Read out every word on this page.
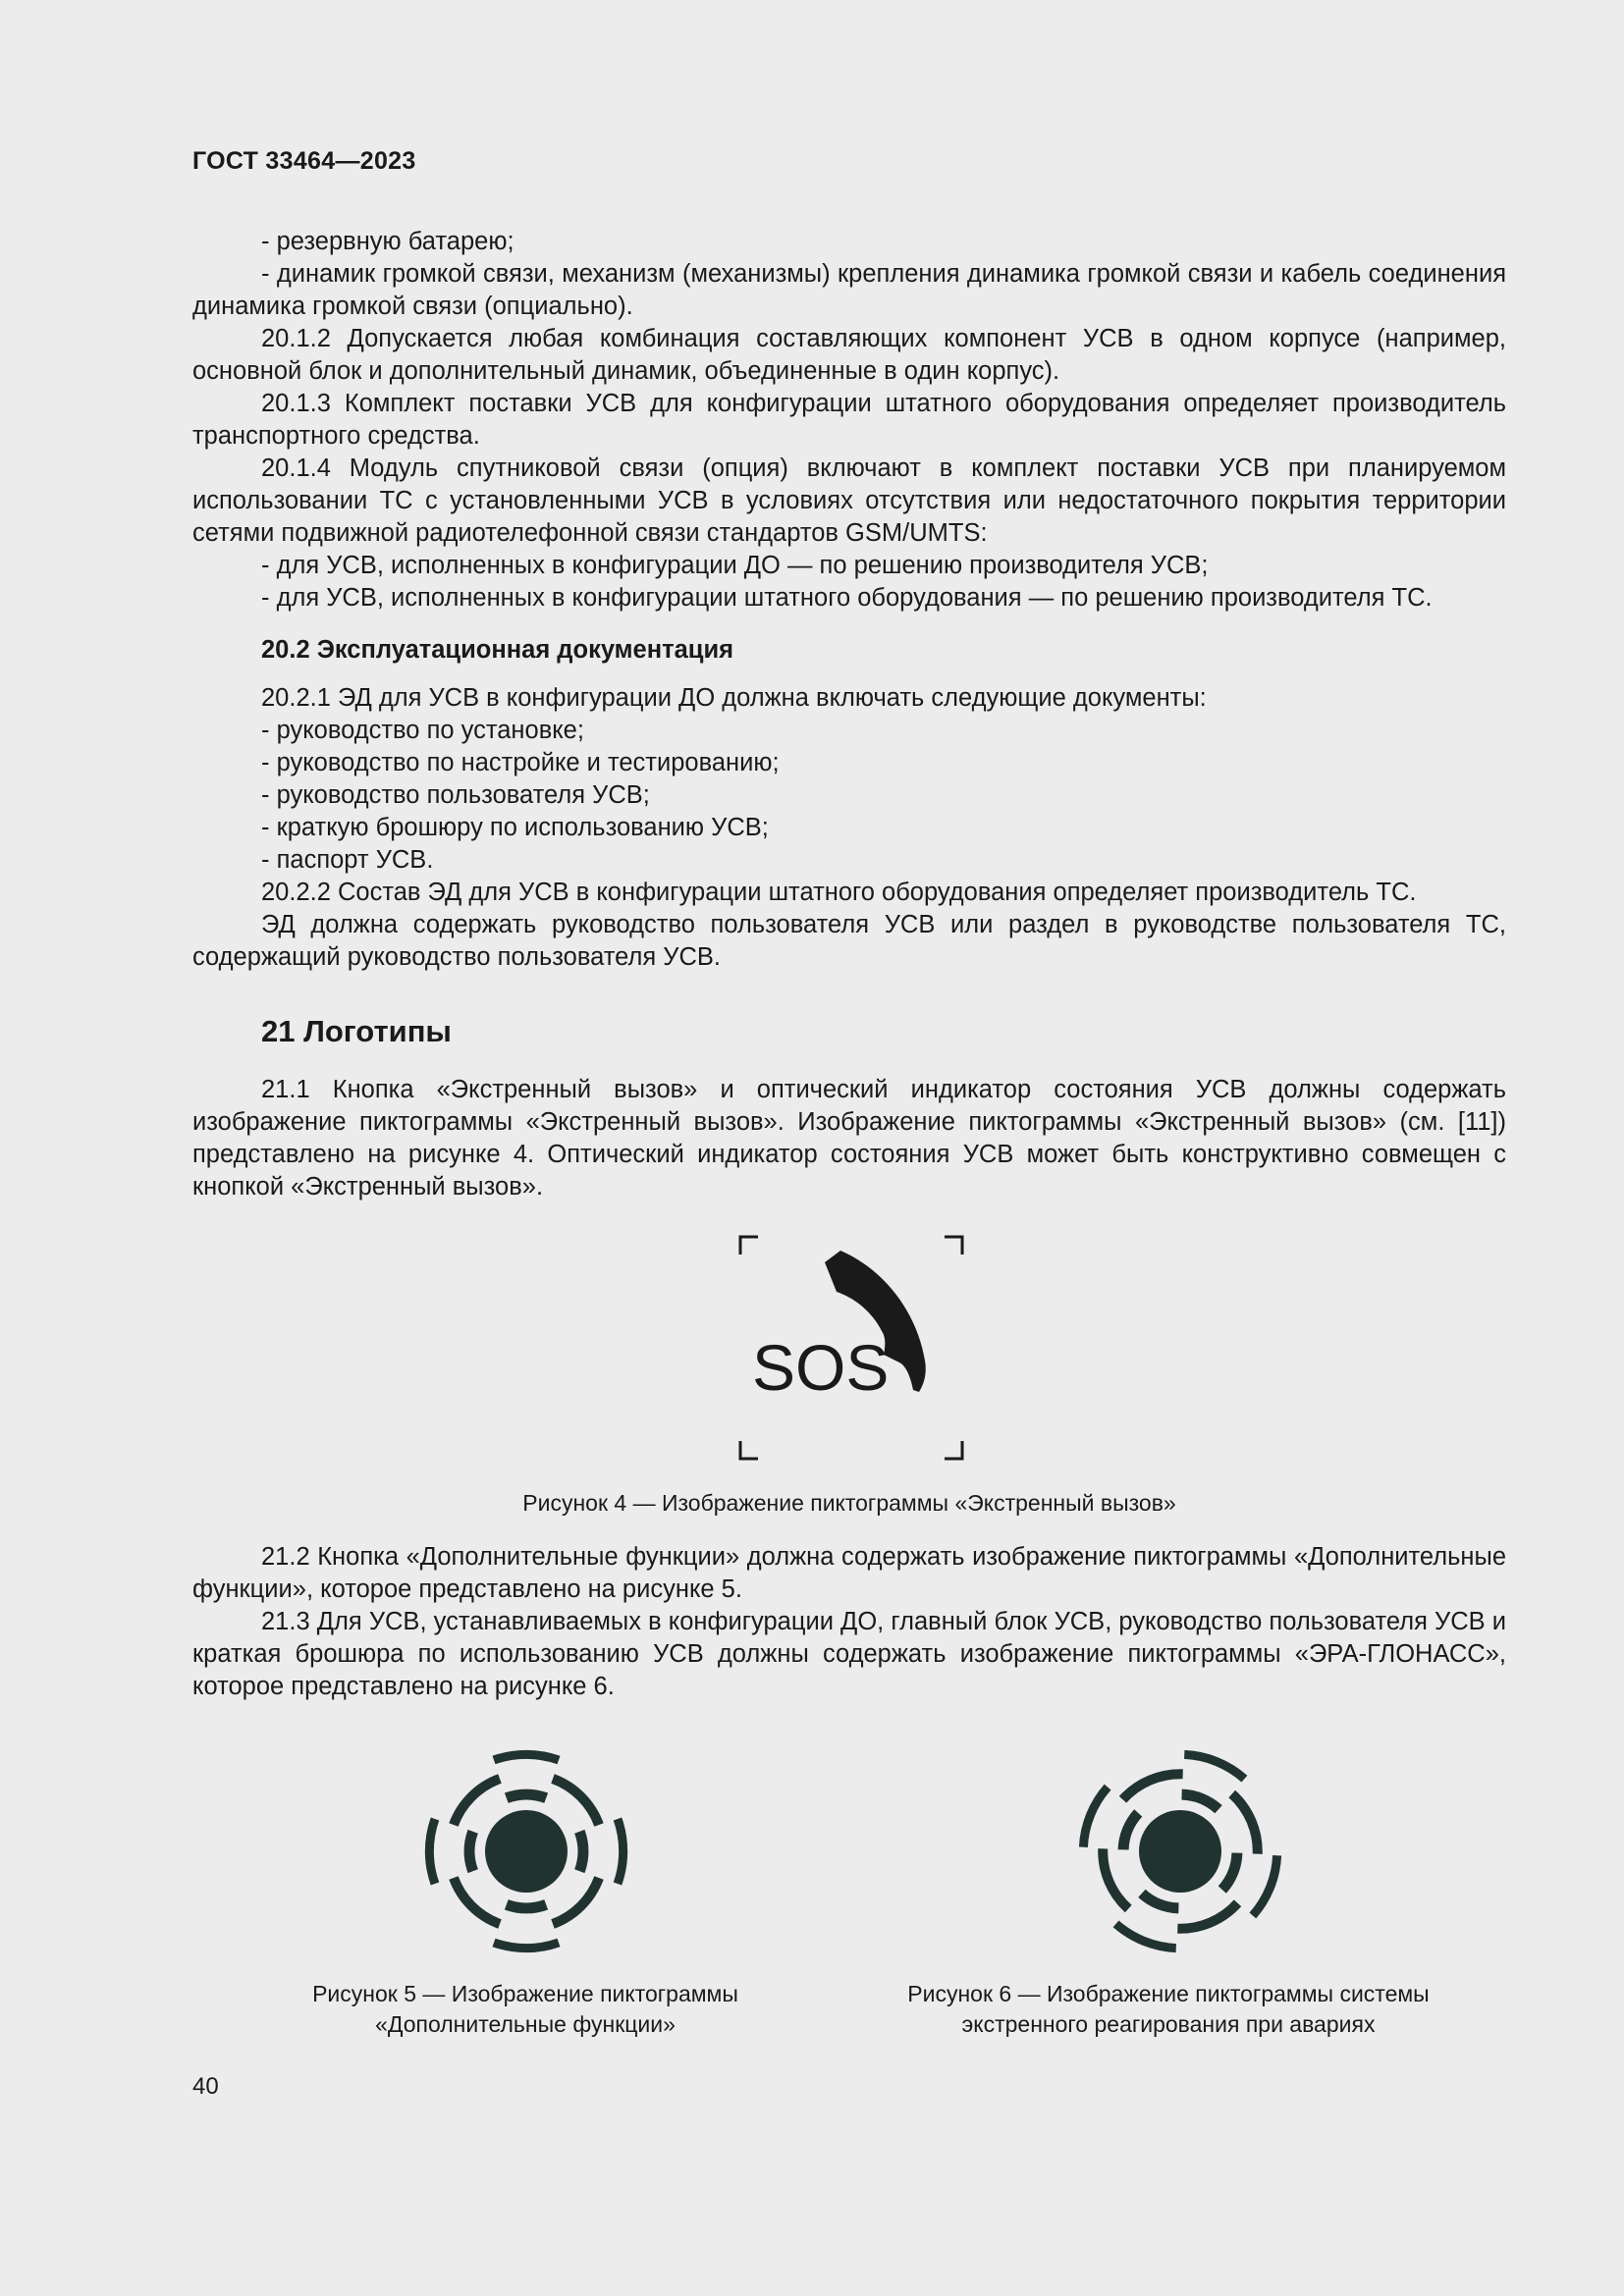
ГОСТ 33464—2023

- резервную батарею;

- динамик громкой связи, механизм (механизмы) крепления динамика громкой связи и кабель соединения динамика громкой связи (опциально).

20.1.2 Допускается любая комбинация составляющих компонент УСВ в одном корпусе (например, основной блок и дополнительный динамик, объединенные в один корпус).

20.1.3 Комплект поставки УСВ для конфигурации штатного оборудования определяет производитель транспортного средства.

20.1.4 Модуль спутниковой связи (опция) включают в комплект поставки УСВ при планируемом использовании ТС с установленными УСВ в условиях отсутствия или недостаточного покрытия территории сетями подвижной радиотелефонной связи стандартов GSM/UMTS:

- для УСВ, исполненных в конфигурации ДО — по решению производителя УСВ;

- для УСВ, исполненных в конфигурации штатного оборудования — по решению производителя ТС.

20.2 Эксплуатационная документация

20.2.1 ЭД для УСВ в конфигурации ДО должна включать следующие документы:

- руководство по установке;

- руководство по настройке и тестированию;

- руководство пользователя УСВ;

- краткую брошюру по использованию УСВ;

- паспорт УСВ.

20.2.2 Состав ЭД для УСВ в конфигурации штатного оборудования определяет производитель ТС.

ЭД должна содержать руководство пользователя УСВ или раздел в руководстве пользователя ТС, содержащий руководство пользователя УСВ.

21 Логотипы

21.1 Кнопка «Экстренный вызов» и оптический индикатор состояния УСВ должны содержать изображение пиктограммы «Экстренный вызов». Изображение пиктограммы «Экстренный вызов» (см. [11]) представлено на рисунке 4. Оптический индикатор состояния УСВ может быть конструктивно совмещен с кнопкой «Экстренный вызов».

SOS
Рисунок 4 — Изображение пиктограммы «Экстренный вызов»

21.2 Кнопка «Дополнительные функции» должна содержать изображение пиктограммы «Дополнительные функции», которое представлено на рисунке 5.

21.3 Для УСВ, устанавливаемых в конфигурации ДО, главный блок УСВ, руководство пользователя УСВ и краткая брошюра по использованию УСВ должны содержать изображение пиктограммы «ЭРА-ГЛОНАСС», которое представлено на рисунке 6.

Рисунок 5 — Изображение пиктограммы
«Дополнительные функции»
Рисунок 6 — Изображение пиктограммы системы
экстренного реагирования при авариях
40
